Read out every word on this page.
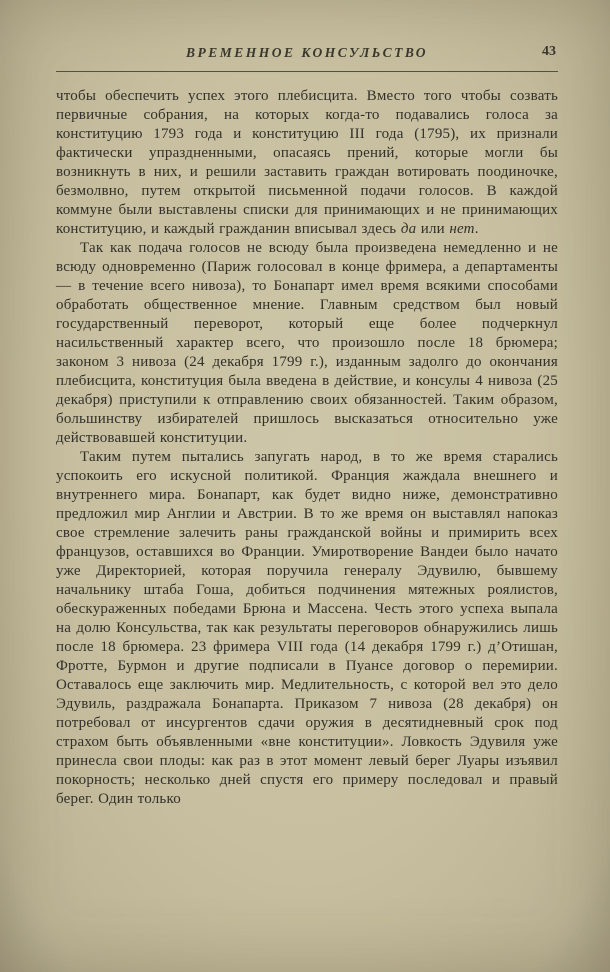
ВРЕМЕННОЕ КОНСУЛЬСТВО	43

чтобы обеспечить успех этого плебисцита. Вместо того чтобы созвать первичные собрания, на которых когда-то подавались голоса за конституцию 1793 года и конституцию III года (1795), их признали фактически упраздненными, опасаясь прений, которые могли бы возникнуть в них, и решили заставить граждан вотировать поодиночке, безмолвно, путем открытой письменной подачи голосов. В каждой коммуне были выставлены списки для принимающих и не принимающих конституцию, и каждый гражданин вписывал здесь да или нет.

Так как подача голосов не всюду была произведена немедленно и не всюду одновременно (Париж голосовал в конце фримера, а департаменты — в течение всего нивоза), то Бонапарт имел время всякими способами обработать общественное мнение. Главным средством был новый государственный переворот, который еще более подчеркнул насильственный характер всего, что произошло после 18 брюмера; законом 3 нивоза (24 декабря 1799 г.), изданным задолго до окончания плебисцита, конституция была введена в действие, и консулы 4 нивоза (25 декабря) приступили к отправлению своих обязанностей. Таким образом, большинству избирателей пришлось высказаться относительно уже действовавшей конституции.

Таким путем пытались запугать народ, в то же время старались успокоить его искусной политикой. Франция жаждала внешнего и внутреннего мира. Бонапарт, как будет видно ниже, демонстративно предложил мир Англии и Австрии. В то же время он выставлял напоказ свое стремление залечить раны гражданской войны и примирить всех французов, оставшихся во Франции. Умиротворение Вандеи было начато уже Директорией, которая поручила генералу Эдувилю, бывшему начальнику штаба Гоша, добиться подчинения мятежных роялистов, обескураженных победами Брюна и Массена. Честь этого успеха выпала на долю Консульства, так как результаты переговоров обнаружились лишь после 18 брюмера. 23 фримера VIII года (14 декабря 1799 г.) д’Отишан, Фротте, Бурмон и другие подписали в Пуансе договор о перемирии. Оставалось еще заключить мир. Медлительность, с которой вел это дело Эдувиль, раздражала Бонапарта. Приказом 7 нивоза (28 декабря) он потребовал от инсургентов сдачи оружия в десятидневный срок под страхом быть объявленными «вне конституции». Ловкость Эдувиля уже принесла свои плоды: как раз в этот момент левый берег Луары изъявил покорность; несколько дней спустя его примеру последовал и правый берег. Один только
